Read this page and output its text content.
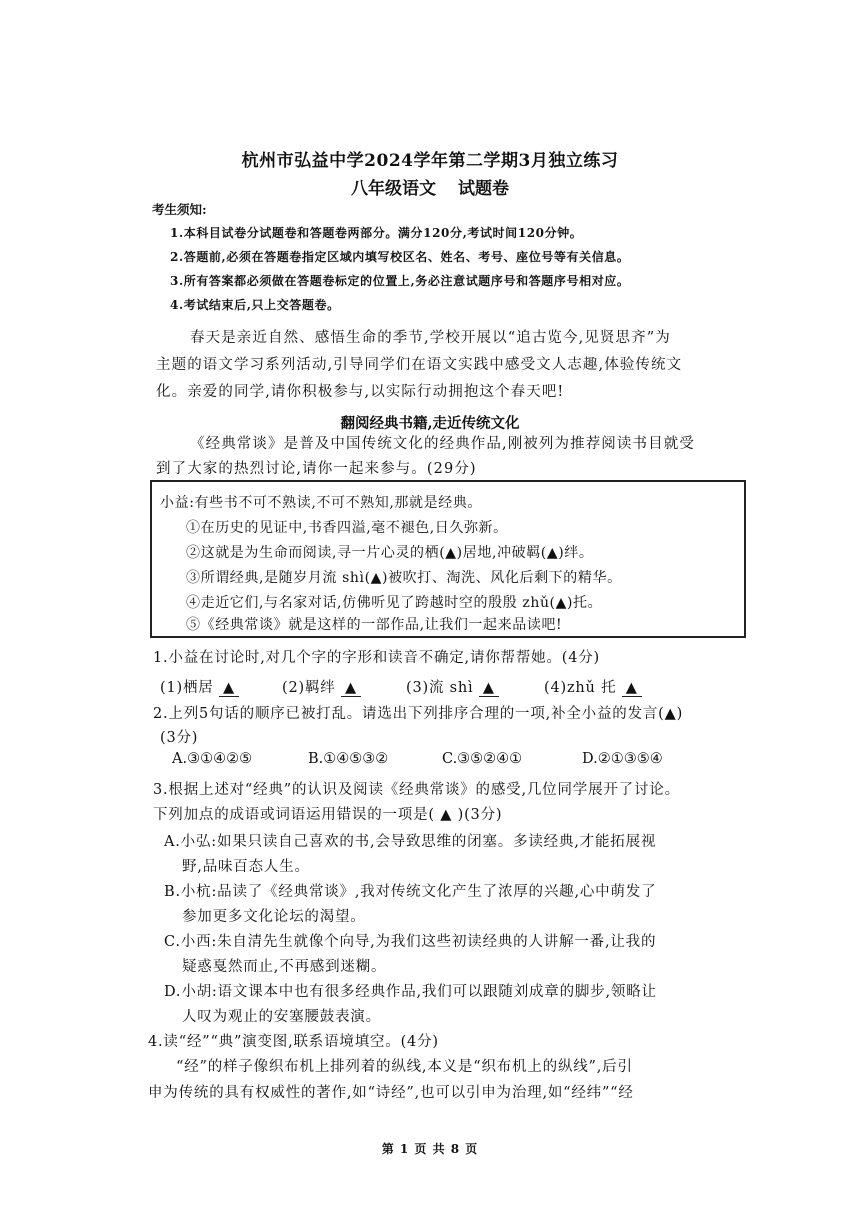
杭州市弘益中学2024学年第二学期3月独立练习
八年级语文 试题卷
考生须知:
1.本科目试卷分试题卷和答题卷两部分。满分120分,考试时间120分钟。
2.答题前,必须在答题卷指定区域内填写校区名、姓名、考号、座位号等有关信息。
3.所有答案都必须做在答题卷标定的位置上,务必注意试题序号和答题序号相对应。
4.考试结束后,只上交答题卷。
春天是亲近自然、感悟生命的季节,学校开展以“追古览今,见贤思齐”为
主题的语文学习系列活动,引导同学们在语文实践中感受文人志趣,体验传统文
化。亲爱的同学,请你积极参与,以实际行动拥抱这个春天吧!
翻阅经典书籍,走近传统文化
《经典常谈》是普及中国传统文化的经典作品,刚被列为推荐阅读书目就受
到了大家的热烈讨论,请你一起来参与。(29分)
小益:有些书不可不熟读,不可不熟知,那就是经典。
①在历史的见证中,书香四溢,毫不褪色,日久弥新。
②这就是为生命而阅读,寻一片心灵的栖(▲)居地,冲破羁(▲)绊。
③所谓经典,是随岁月流 shì(▲)被吹打、淘洗、风化后剩下的精华。
④走近它们,与名家对话,仿佛听见了跨越时空的殷殷 zhǔ(▲)托。
⑤《经典常谈》就是这样的一部作品,让我们一起来品读吧!
1.小益在讨论时,对几个字的字形和读音不确定,请你帮帮她。(4分)
(1)栖居 ▲	(2)羁绊 ▲	(3)流 shì ▲	(4)zhǔ 托 ▲
2.上列5句话的顺序已被打乱。请选出下列排序合理的一项,补全小益的发言(▲)
(3分)
A.③①④②⑤	B.①④⑤③②	C.③⑤②④①	D.②①③⑤④
3.根据上述对“经典”的认识及阅读《经典常谈》的感受,几位同学展开了讨论。
下列加点的成语或词语运用错误的一项是( ▲ )(3分)
A.小弘:如果只读自己喜欢的书,会导致思维的闭塞。多读经典,才能拓展视
野,品味百态人生。
B.小杭:品读了《经典常谈》,我对传统文化产生了浓厚的兴趣,心中萌发了
参加更多文化论坛的渴望。
C.小西:朱自清先生就像个向导,为我们这些初读经典的人讲解一番,让我的
疑惑戛然而止,不再感到迷糊。
D.小胡:语文课本中也有很多经典作品,我们可以跟随刘成章的脚步,领略让
人叹为观止的安塞腰鼓表演。
4.读“经”“典”演变图,联系语境填空。(4分)
“经”的样子像织布机上排列着的纵线,本义是“织布机上的纵线”,后引
申为传统的具有权威性的著作,如“诗经”,也可以引申为治理,如“经纬”“经
第 1 页 共 8 页
